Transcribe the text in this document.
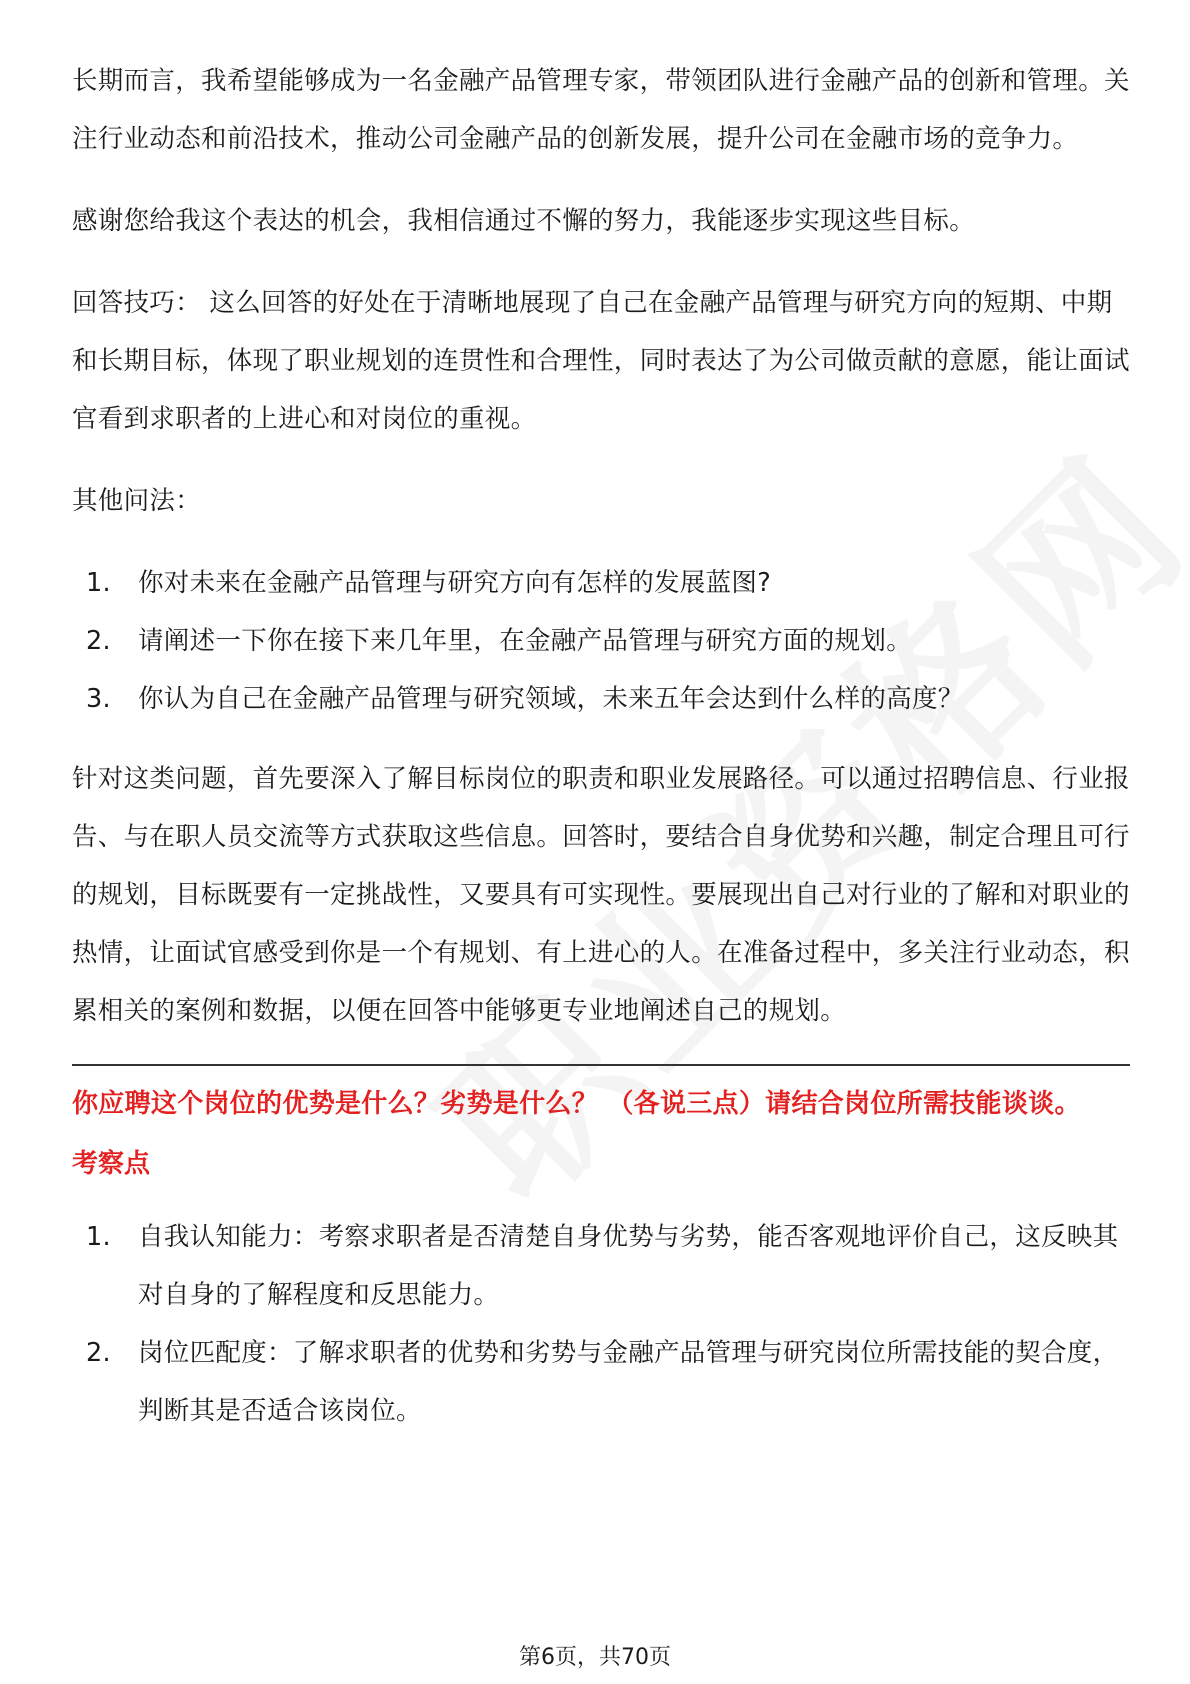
长期而言，我希望能够成为一名金融产品管理专家，带领团队进行金融产品的创新和管理。关注行业动态和前沿技术，推动公司金融产品的创新发展，提升公司在金融市场的竞争力。

感谢您给我这个表达的机会，我相信通过不懈的努力，我能逐步实现这些目标。

回答技巧： 这么回答的好处在于清晰地展现了自己在金融产品管理与研究方向的短期、中期和长期目标，体现了职业规划的连贯性和合理性，同时表达了为公司做贡献的意愿，能让面试官看到求职者的上进心和对岗位的重视。

其他问法：

1.	你对未来在金融产品管理与研究方向有怎样的发展蓝图?
2.	请阐述一下你在接下来几年里，在金融产品管理与研究方面的规划。
3.	你认为自己在金融产品管理与研究领域，未来五年会达到什么样的高度？

针对这类问题，首先要深入了解目标岗位的职责和职业发展路径。可以通过招聘信息、行业报告、与在职人员交流等方式获取这些信息。回答时，要结合自身优势和兴趣，制定合理且可行的规划，目标既要有一定挑战性，又要具有可实现性。要展现出自己对行业的了解和对职业的热情，让面试官感受到你是一个有规划、有上进心的人。在准备过程中，多关注行业动态，积累相关的案例和数据，以便在回答中能够更专业地阐述自己的规划。

你应聘这个岗位的优势是什么？劣势是什么？ （各说三点）请结合岗位所需技能谈谈。
考察点
1.	自我认知能力：考察求职者是否清楚自身优势与劣势，能否客观地评价自己，这反映其对自身的了解程度和反思能力。
2.	岗位匹配度：了解求职者的优势和劣势与金融产品管理与研究岗位所需技能的契合度，判断其是否适合该岗位。
第6页，共70页
